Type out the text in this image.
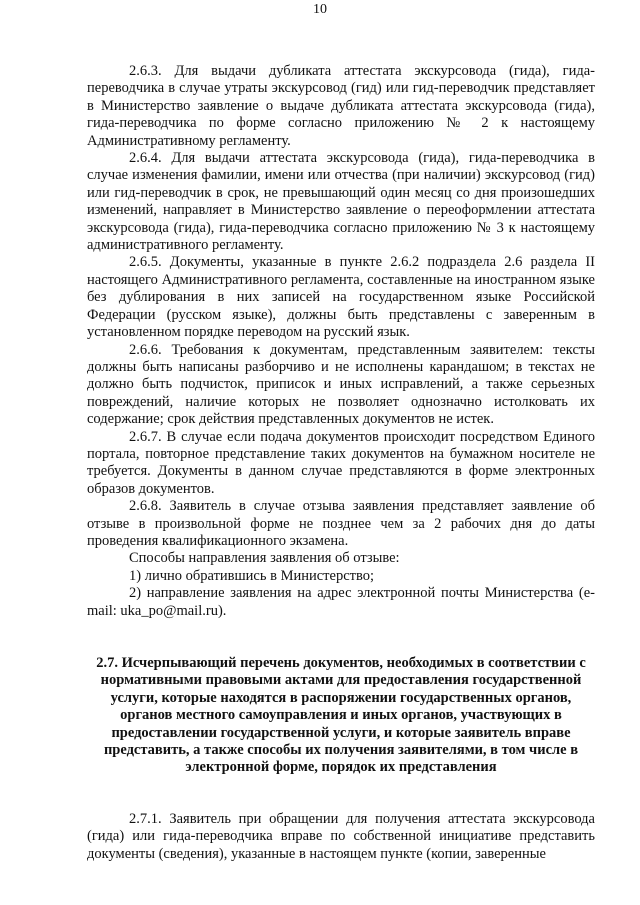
10

2.6.3. Для выдачи дубликата аттестата экскурсовода (гида), гида-переводчика в случае утраты экскурсовод (гид) или гид-переводчик представляет в Министерство заявление о выдаче дубликата аттестата экскурсовода (гида), гида-переводчика по форме согласно приложению № 2 к настоящему Административному регламенту.

2.6.4. Для выдачи аттестата экскурсовода (гида), гида-переводчика в случае изменения фамилии, имени или отчества (при наличии) экскурсовод (гид) или гид-переводчик в срок, не превышающий один месяц со дня произошедших изменений, направляет в Министерство заявление о переоформлении аттестата экскурсовода (гида), гида-переводчика согласно приложению № 3 к настоящему административного регламенту.

2.6.5. Документы, указанные в пункте 2.6.2 подраздела 2.6 раздела II настоящего Административного регламента, составленные на иностранном языке без дублирования в них записей на государственном языке Российской Федерации (русском языке), должны быть представлены с заверенным в установленном порядке переводом на русский язык.

2.6.6. Требования к документам, представленным заявителем: тексты должны быть написаны разборчиво и не исполнены карандашом; в текстах не должно быть подчисток, приписок и иных исправлений, а также серьезных повреждений, наличие которых не позволяет однозначно истолковать их содержание; срок действия представленных документов не истек.

2.6.7. В случае если подача документов происходит посредством Единого портала, повторное представление таких документов на бумажном носителе не требуется. Документы в данном случае представляются в форме электронных образов документов.

2.6.8. Заявитель в случае отзыва заявления представляет заявление об отзыве в произвольной форме не позднее чем за 2 рабочих дня до даты проведения квалификационного экзамена.

Способы направления заявления об отзыве:

1) лично обратившись в Министерство;

2) направление заявления на адрес электронной почты Министерства (e-mail: uka_po@mail.ru).

2.7. Исчерпывающий перечень документов, необходимых в соответствии с нормативными правовыми актами для предоставления государственной услуги, которые находятся в распоряжении государственных органов, органов местного самоуправления и иных органов, участвующих в предоставлении государственной услуги, и которые заявитель вправе представить, а также способы их получения заявителями, в том числе в электронной форме, порядок их представления

2.7.1. Заявитель при обращении для получения аттестата экскурсовода (гида) или гида-переводчика вправе по собственной инициативе представить документы (сведения), указанные в настоящем пункте (копии, заверенные
